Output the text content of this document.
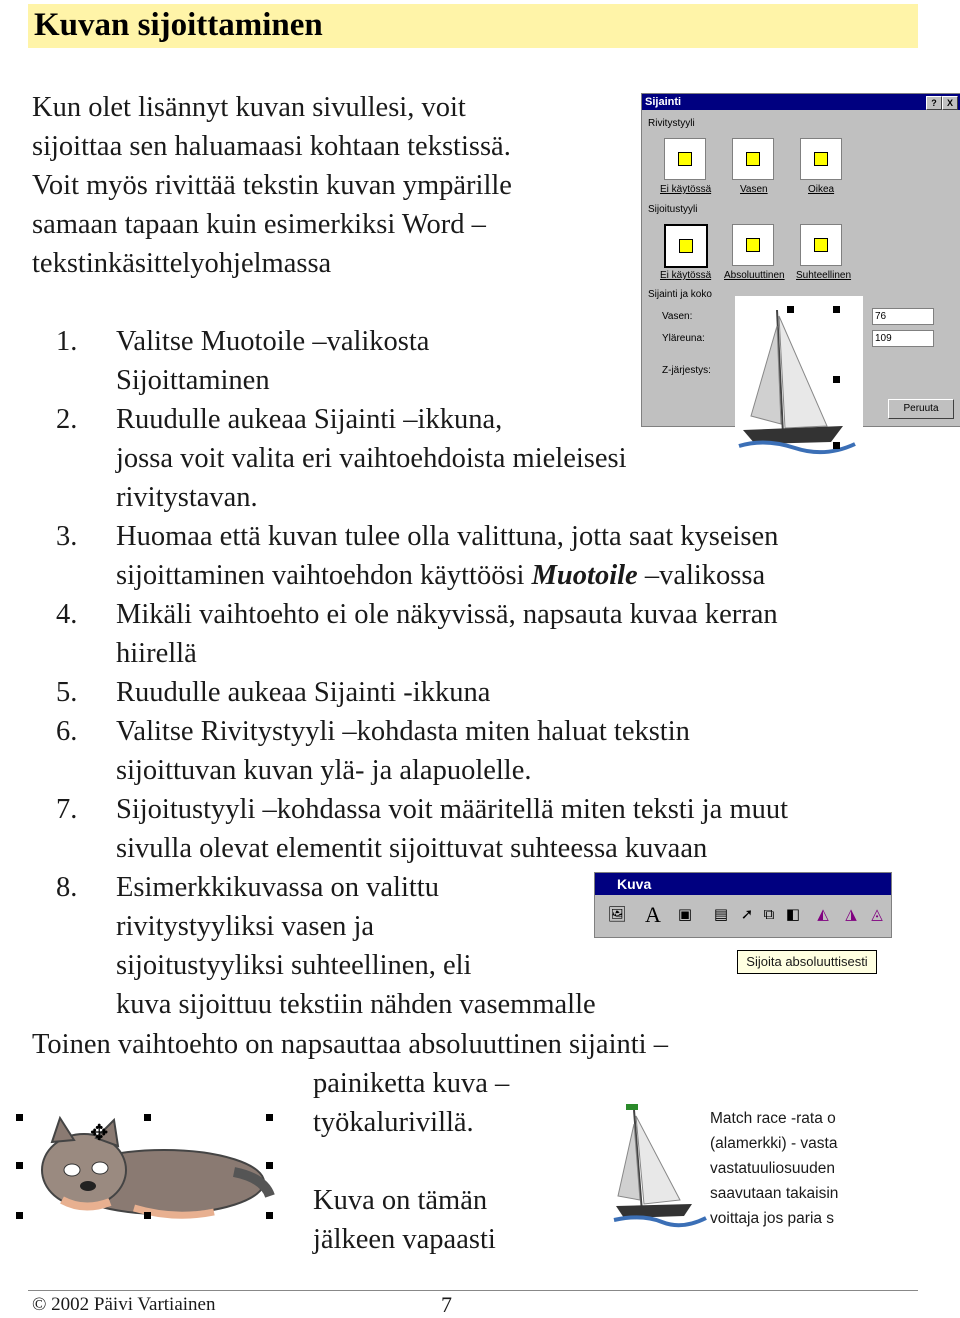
Kuvan sijoittaminen
Kun olet lisännyt kuvan sivullesi, voit
sijoittaa sen haluamaasi kohtaan tekstissä.
Voit myös rivittää tekstin kuvan ympärille
samaan tapaan kuin esimerkiksi Word –
tekstinkäsittelyohjelmassa
1. Valitse Muotoile –valikosta
Sijoittaminen
2. Ruudulle aukeaa Sijainti –ikkuna,
jossa voit valita eri vaihtoehdoista mieleisesi
rivitystavan.
3. Huomaa että kuvan tulee olla valittuna, jotta saat kyseisen
sijoittaminen vaihtoehdon käyttöösi Muotoile –valikossa
4. Mikäli vaihtoehto ei ole näkyvissä, napsauta kuvaa kerran
hiirellä
5. Ruudulle aukeaa Sijainti -ikkuna
6. Valitse Rivitystyyli –kohdasta miten haluat tekstin
sijoittuvan kuvan ylä- ja alapuolelle.
7. Sijoitustyyli –kohdassa voit määritellä miten teksti ja muut
sivulla olevat elementit sijoittuvat suhteessa kuvaan
8. Esimerkkikuvassa on valittu
rivitystyyliksi vasen ja
sijoitustyyliksi suhteellinen, eli
kuva sijoittuu tekstiin nähden vasemmalle
Toinen vaihtoehto on napsauttaa absoluuttinen sijainti –
painiketta kuva –
työkalurivillä.
Kuva on tämän
jälkeen vapaasti
Sijainti	?	X
Rivitystyyli
Ei käytössä	Vasen	Oikea
Sijoitustyyli
Ei käytössä Absoluuttinen Suhteellinen
Sijainti ja koko
Vasen:	76
Yläreuna:	109
Z-järjestys:
Peruuta
Kuva
🖼 A	▣	▤ ➚ ⧉ ◧	◭	◮ ◬
Sijoita absoluuttisesti
✥
Match race -rata o
(alamerkki) - vasta
vastatuuliosuuden
saavutaan takaisin
voittaja jos paria s
© 2002 Päivi Vartiainen	7
